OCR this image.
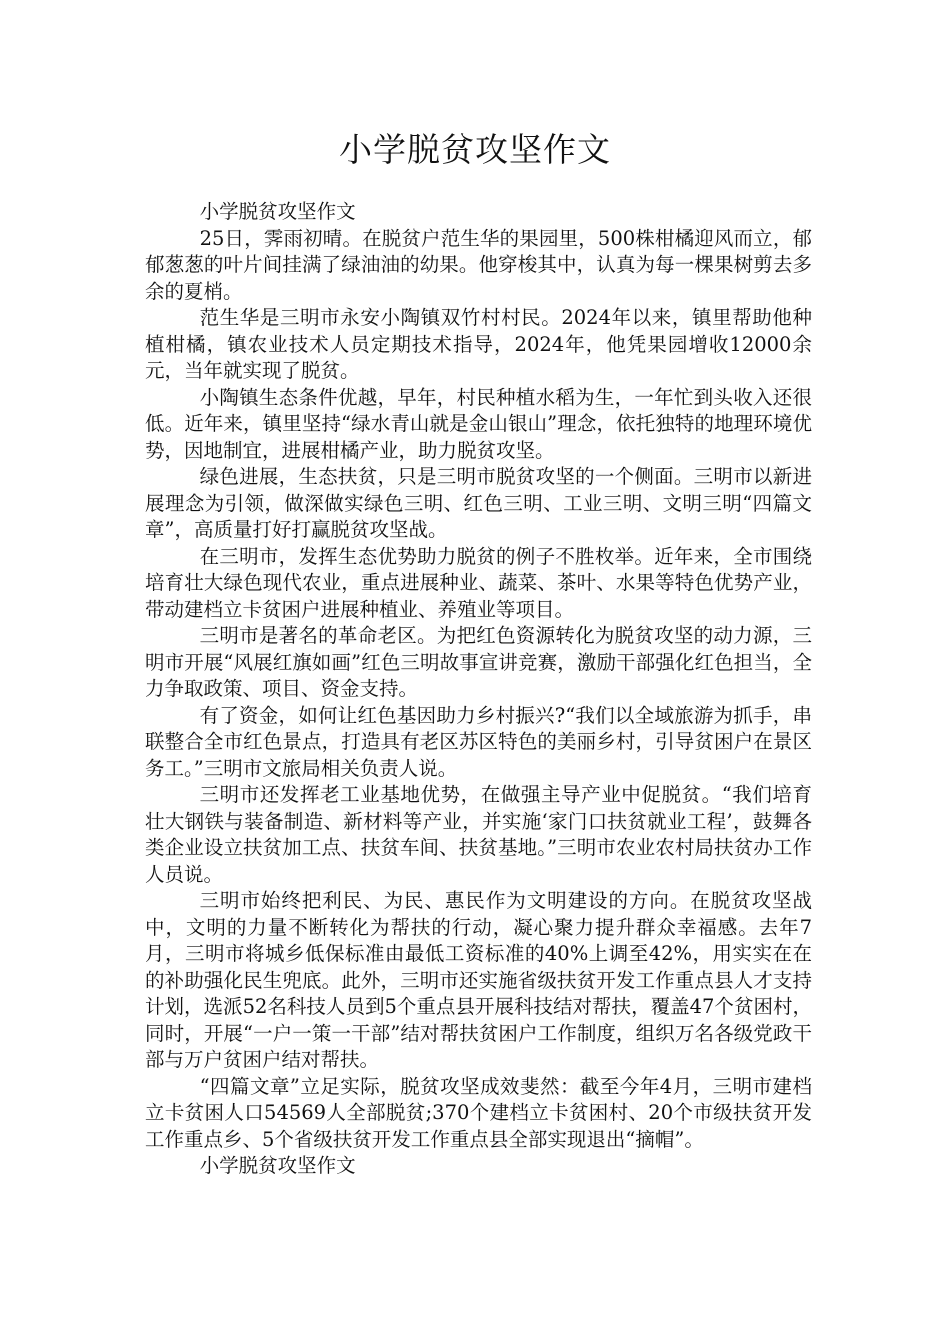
小学脱贫攻坚作文

小学脱贫攻坚作文

25日，霁雨初晴。在脱贫户范生华的果园里，500株柑橘迎风而立，郁郁葱葱的叶片间挂满了绿油油的幼果。他穿梭其中，认真为每一棵果树剪去多余的夏梢。

范生华是三明市永安小陶镇双竹村村民。2024年以来，镇里帮助他种植柑橘，镇农业技术人员定期技术指导，2024年，他凭果园增收12000余元，当年就实现了脱贫。

小陶镇生态条件优越，早年，村民种植水稻为生，一年忙到头收入还很低。近年来，镇里坚持“绿水青山就是金山银山”理念，依托独特的地理环境优势，因地制宜，进展柑橘产业，助力脱贫攻坚。

绿色进展，生态扶贫，只是三明市脱贫攻坚的一个侧面。三明市以新进展理念为引领，做深做实绿色三明、红色三明、工业三明、文明三明“四篇文章”，高质量打好打赢脱贫攻坚战。

在三明市，发挥生态优势助力脱贫的例子不胜枚举。近年来，全市围绕培育壮大绿色现代农业，重点进展种业、蔬菜、茶叶、水果等特色优势产业，带动建档立卡贫困户进展种植业、养殖业等项目。

三明市是著名的革命老区。为把红色资源转化为脱贫攻坚的动力源，三明市开展“风展红旗如画”红色三明故事宣讲竞赛，激励干部强化红色担当，全力争取政策、项目、资金支持。

有了资金，如何让红色基因助力乡村振兴?“我们以全域旅游为抓手，串联整合全市红色景点，打造具有老区苏区特色的美丽乡村，引导贫困户在景区务工。”三明市文旅局相关负责人说。

三明市还发挥老工业基地优势，在做强主导产业中促脱贫。“我们培育壮大钢铁与装备制造、新材料等产业，并实施‘家门口扶贫就业工程’，鼓舞各类企业设立扶贫加工点、扶贫车间、扶贫基地。”三明市农业农村局扶贫办工作人员说。

三明市始终把利民、为民、惠民作为文明建设的方向。在脱贫攻坚战中，文明的力量不断转化为帮扶的行动，凝心聚力提升群众幸福感。去年7月，三明市将城乡低保标准由最低工资标准的40%上调至42%，用实实在在的补助强化民生兜底。此外，三明市还实施省级扶贫开发工作重点县人才支持计划，选派52名科技人员到5个重点县开展科技结对帮扶，覆盖47个贫困村，同时，开展“一户一策一干部”结对帮扶贫困户工作制度，组织万名各级党政干部与万户贫困户结对帮扶。

“四篇文章”立足实际，脱贫攻坚成效斐然：截至今年4月，三明市建档立卡贫困人口54569人全部脱贫;370个建档立卡贫困村、20个市级扶贫开发工作重点乡、5个省级扶贫开发工作重点县全部实现退出“摘帽”。

小学脱贫攻坚作文
